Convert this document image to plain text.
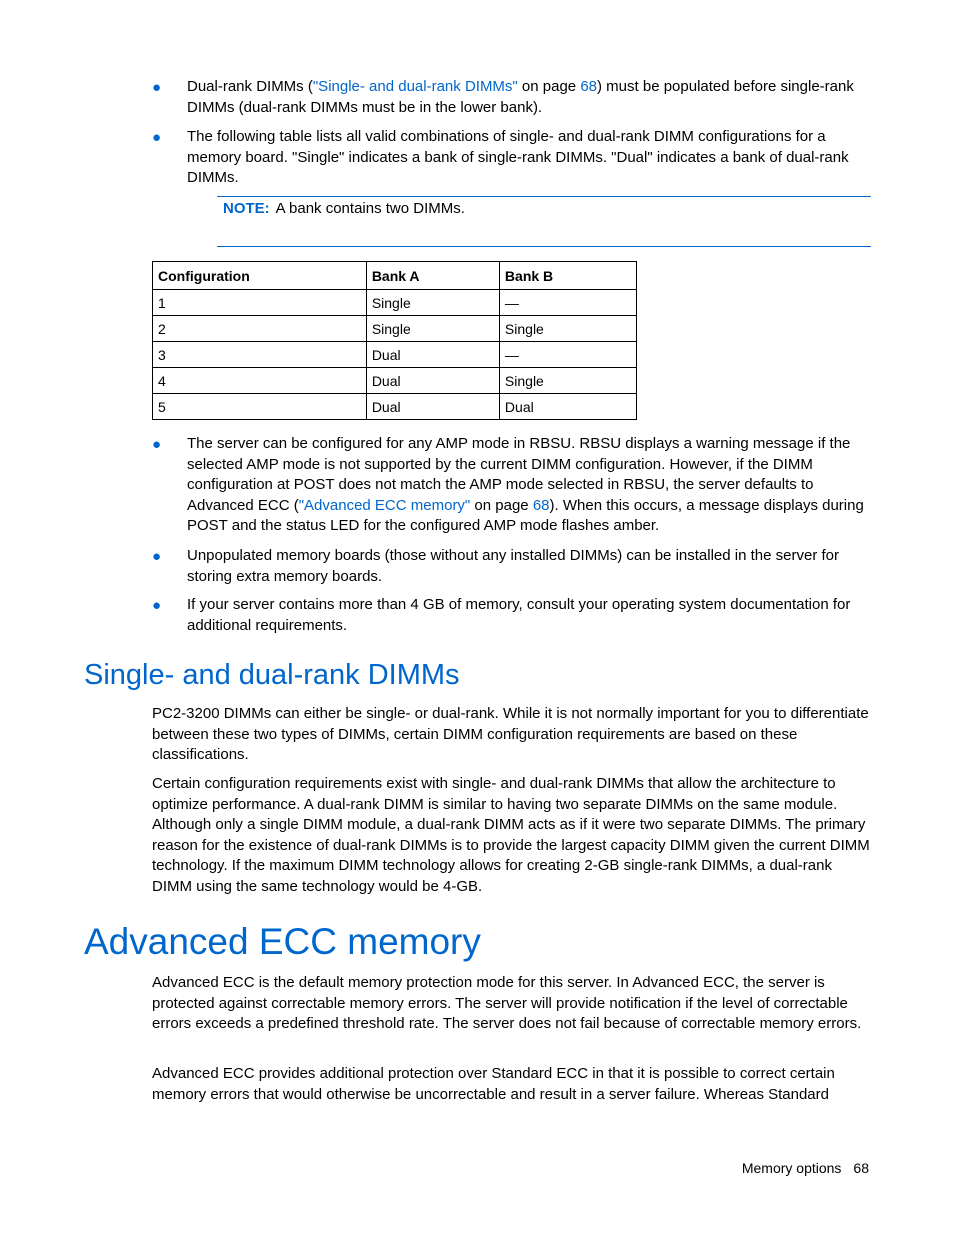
● Dual-rank DIMMs ("Single- and dual-rank DIMMs" on page 68) must be populated before single-rank DIMMs (dual-rank DIMMs must be in the lower bank).
● The following table lists all valid combinations of single- and dual-rank DIMM configurations for a memory board. "Single" indicates a bank of single-rank DIMMs. "Dual" indicates a bank of dual-rank DIMMs.
NOTE: A bank contains two DIMMs.
Configuration	Bank A	Bank B
1	Single	—
2	Single	Single
3	Dual	—
4	Dual	Single
5	Dual	Dual
● The server can be configured for any AMP mode in RBSU. RBSU displays a warning message if the selected AMP mode is not supported by the current DIMM configuration. However, if the DIMM configuration at POST does not match the AMP mode selected in RBSU, the server defaults to Advanced ECC ("Advanced ECC memory" on page 68). When this occurs, a message displays during POST and the status LED for the configured AMP mode flashes amber.
● Unpopulated memory boards (those without any installed DIMMs) can be installed in the server for storing extra memory boards.
● If your server contains more than 4 GB of memory, consult your operating system documentation for additional requirements.
Single- and dual-rank DIMMs
PC2-3200 DIMMs can either be single- or dual-rank. While it is not normally important for you to differentiate between these two types of DIMMs, certain DIMM configuration requirements are based on these classifications.
Certain configuration requirements exist with single- and dual-rank DIMMs that allow the architecture to optimize performance. A dual-rank DIMM is similar to having two separate DIMMs on the same module. Although only a single DIMM module, a dual-rank DIMM acts as if it were two separate DIMMs. The primary reason for the existence of dual-rank DIMMs is to provide the largest capacity DIMM given the current DIMM technology. If the maximum DIMM technology allows for creating 2-GB single-rank DIMMs, a dual-rank DIMM using the same technology would be 4-GB.
Advanced ECC memory
Advanced ECC is the default memory protection mode for this server. In Advanced ECC, the server is protected against correctable memory errors. The server will provide notification if the level of correctable errors exceeds a predefined threshold rate. The server does not fail because of correctable memory errors.
Advanced ECC provides additional protection over Standard ECC in that it is possible to correct certain memory errors that would otherwise be uncorrectable and result in a server failure. Whereas Standard
Memory options 68
